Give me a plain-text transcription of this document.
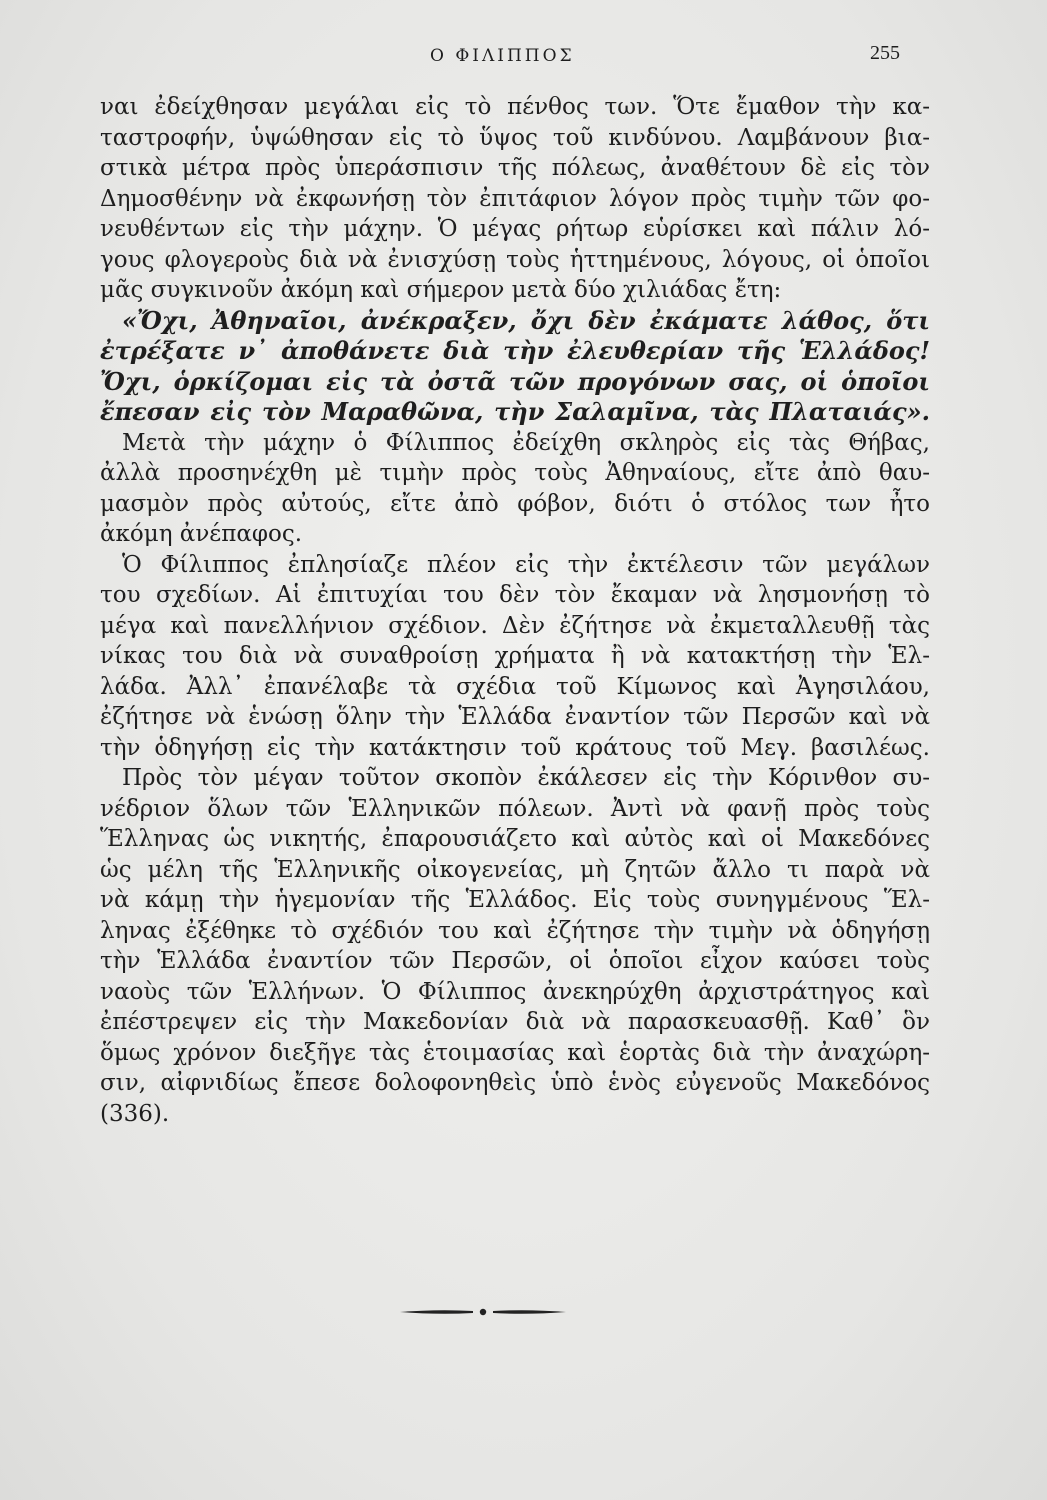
Ο ΦΙΛΙΠΠΟΣ	255
ναι ἐδείχθησαν μεγάλαι εἰς τὸ πένθος των. Ὅτε ἔμαθον τὴν κα-
ταστροφήν, ὑψώθησαν εἰς τὸ ὕψος τοῦ κινδύνου. Λαμβάνουν βια-
στικὰ μέτρα πρὸς ὑπεράσπισιν τῆς πόλεως, ἀναθέτουν δὲ εἰς τὸν
Δημοσθένην νὰ ἐκφωνήσῃ τὸν ἐπιτάφιον λόγον πρὸς τιμὴν τῶν φο-
νευθέντων εἰς τὴν μάχην. Ὁ μέγας ρήτωρ εὑρίσκει καὶ πάλιν λό-
γους φλογεροὺς διὰ νὰ ἐνισχύσῃ τοὺς ἡττημένους, λόγους, οἱ ὁποῖοι
μᾶς συγκινοῦν ἀκόμη καὶ σήμερον μετὰ δύο χιλιάδας ἔτη:
«Ὄχι, Ἀθηναῖοι, ἀνέκραξεν, ὄχι δὲν ἐκάματε λάθος, ὅτι
ἐτρέξατε ν᾽ ἀποθάνετε διὰ τὴν ἐλευθερίαν τῆς Ἑλλάδος!
Ὄχι, ὁρκίζομαι εἰς τὰ ὀστᾶ τῶν προγόνων σας, οἱ ὁποῖοι
ἔπεσαν εἰς τὸν Μαραθῶνα, τὴν Σαλαμῖνα, τὰς Πλαταιάς».
Μετὰ τὴν μάχην ὁ Φίλιππος ἐδείχθη σκληρὸς εἰς τὰς Θήβας,
ἀλλὰ προσηνέχθη μὲ τιμὴν πρὸς τοὺς Ἀθηναίους, εἴτε ἀπὸ θαυ-
μασμὸν πρὸς αὐτούς, εἴτε ἀπὸ φόβον, διότι ὁ στόλος των ἦτο
ἀκόμη ἀνέπαφος.
Ὁ Φίλιππος ἐπλησίαζε πλέον εἰς τὴν ἐκτέλεσιν τῶν μεγάλων
του σχεδίων. Αἱ ἐπιτυχίαι του δὲν τὸν ἔκαμαν νὰ λησμονήσῃ τὸ
μέγα καὶ πανελλήνιον σχέδιον. Δὲν ἐζήτησε νὰ ἐκμεταλλευθῇ τὰς
νίκας του διὰ νὰ συναθροίσῃ χρήματα ἢ νὰ κατακτήσῃ τὴν Ἑλ-
λάδα. Ἀλλ᾽ ἐπανέλαβε τὰ σχέδια τοῦ Κίμωνος καὶ Ἀγησιλάου,
ἐζήτησε νὰ ἑνώσῃ ὅλην τὴν Ἑλλάδα ἐναντίον τῶν Περσῶν καὶ νὰ
τὴν ὁδηγήσῃ εἰς τὴν κατάκτησιν τοῦ κράτους τοῦ Μεγ. βασιλέως.
Πρὸς τὸν μέγαν τοῦτον σκοπὸν ἐκάλεσεν εἰς τὴν Κόρινθον συ-
νέδριον ὅλων τῶν Ἑλληνικῶν πόλεων. Ἀντὶ νὰ φανῇ πρὸς τοὺς
Ἕλληνας ὡς νικητής, ἐπαρουσιάζετο καὶ αὐτὸς καὶ οἱ Μακεδόνες
ὡς μέλη τῆς Ἑλληνικῆς οἰκογενείας, μὴ ζητῶν ἄλλο τι παρὰ νὰ
νὰ κάμῃ τὴν ἡγεμονίαν τῆς Ἑλλάδος. Εἰς τοὺς συνηγμένους Ἕλ-
ληνας ἐξέθηκε τὸ σχέδιόν του καὶ ἐζήτησε τὴν τιμὴν νὰ ὁδηγήσῃ
τὴν Ἑλλάδα ἐναντίον τῶν Περσῶν, οἱ ὁποῖοι εἶχον καύσει τοὺς
ναοὺς τῶν Ἑλλήνων. Ὁ Φίλιππος ἀνεκηρύχθη ἀρχιστράτηγος καὶ
ἐπέστρεψεν εἰς τὴν Μακεδονίαν διὰ νὰ παρασκευασθῇ. Καθ᾽ ὃν
ὅμως χρόνον διεξῆγε τὰς ἑτοιμασίας καὶ ἑορτὰς διὰ τὴν ἀναχώρη-
σιν, αἰφνιδίως ἔπεσε δολοφονηθεὶς ὑπὸ ἑνὸς εὐγενοῦς Μακεδόνος
(336).
